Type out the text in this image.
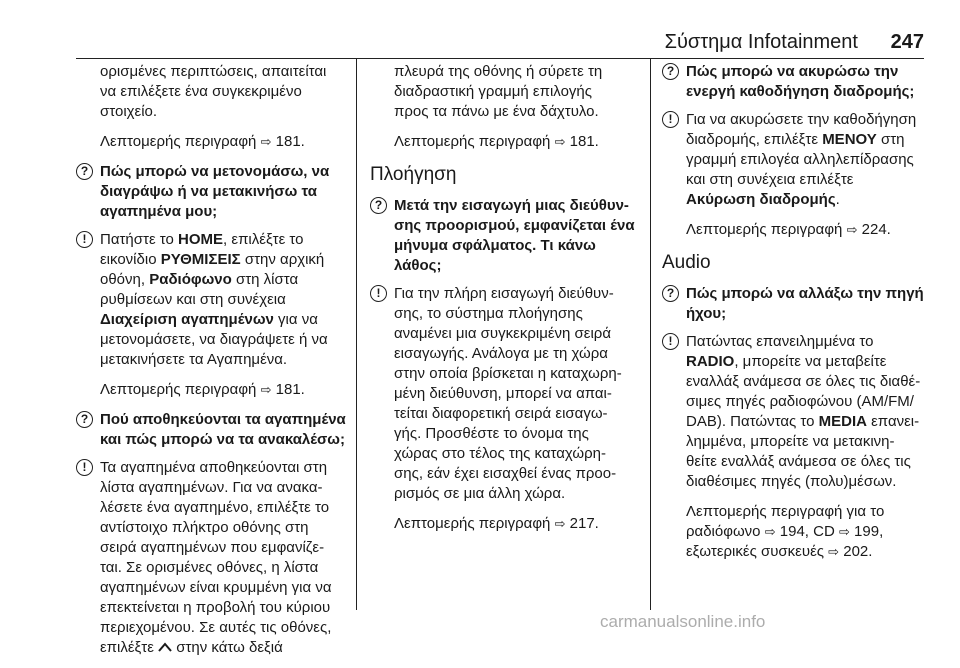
Σύστημα Infotainment 247

ορισμένες περιπτώσεις, απαιτείται

να επιλέξετε ένα συγκεκριμένο

στοιχείο.

Λεπτομερής περιγραφή ⇨ 181.

? Πώς μπορώ να μετονομάσω, να

διαγράψω ή να μετακινήσω τα

αγαπημένα μου;

! Πατήστε το HOME, επιλέξτε το

εικονίδιο ΡΥΘΜΙΣΕΙΣ στην αρχική

οθόνη, Ραδιόφωνο στη λίστα

ρυθμίσεων και στη συνέχεια

Διαχείριση αγαπημένων για να

μετονομάσετε, να διαγράψετε ή να

μετακινήσετε τα Αγαπημένα.

Λεπτομερής περιγραφή ⇨ 181.

? Πού αποθηκεύονται τα αγαπημένα

και πώς μπορώ να τα ανακαλέσω;

! Τα αγαπημένα αποθηκεύονται στη

λίστα αγαπημένων. Για να ανακα-

λέσετε ένα αγαπημένο, επιλέξτε το

αντίστοιχο πλήκτρο οθόνης στη

σειρά αγαπημένων που εμφανίζε-

ται. Σε ορισμένες οθόνες, η λίστα

αγαπημένων είναι κρυμμένη για να

επεκτείνεται η προβολή του κύριου

περιεχομένου. Σε αυτές τις οθόνες,

επιλέξτε στην κάτω δεξιά

πλευρά της οθόνης ή σύρετε τη

διαδραστική γραμμή επιλογής

προς τα πάνω με ένα δάχτυλο.

Λεπτομερής περιγραφή ⇨ 181.

Πλοήγηση

? Μετά την εισαγωγή μιας διεύθυν-

σης προορισμού, εμφανίζεται ένα

μήνυμα σφάλματος. Τι κάνω

λάθος;

! Για την πλήρη εισαγωγή διεύθυν-

σης, το σύστημα πλοήγησης

αναμένει μια συγκεκριμένη σειρά

εισαγωγής. Ανάλογα με τη χώρα

στην οποία βρίσκεται η καταχωρη-

μένη διεύθυνση, μπορεί να απαι-

τείται διαφορετική σειρά εισαγω-

γής. Προσθέστε το όνομα της

χώρας στο τέλος της καταχώρη-

σης, εάν έχει εισαχθεί ένας προο-

ρισμός σε μια άλλη χώρα.

Λεπτομερής περιγραφή ⇨ 217.

? Πώς μπορώ να ακυρώσω την

ενεργή καθοδήγηση διαδρομής;

! Για να ακυρώσετε την καθοδήγηση

διαδρομής, επιλέξτε ΜΕΝΟΥ στη

γραμμή επιλογέα αλληλεπίδρασης

και στη συνέχεια επιλέξτε

Ακύρωση διαδρομής.

Λεπτομερής περιγραφή ⇨ 224.

Audio

? Πώς μπορώ να αλλάξω την πηγή

ήχου;

! Πατώντας επανειλημμένα το

RADIO, μπορείτε να μεταβείτε

εναλλάξ ανάμεσα σε όλες τις διαθέ-

σιμες πηγές ραδιοφώνου (AM/FM/

DAB). Πατώντας το MEDIA επανει-

λημμένα, μπορείτε να μετακινη-

θείτε εναλλάξ ανάμεσα σε όλες τις

διαθέσιμες πηγές (πολυ)μέσων.

Λεπτομερής περιγραφή για το

ραδιόφωνο ⇨ 194, CD ⇨ 199,

εξωτερικές συσκευές ⇨ 202.

carmanualsonline.info
